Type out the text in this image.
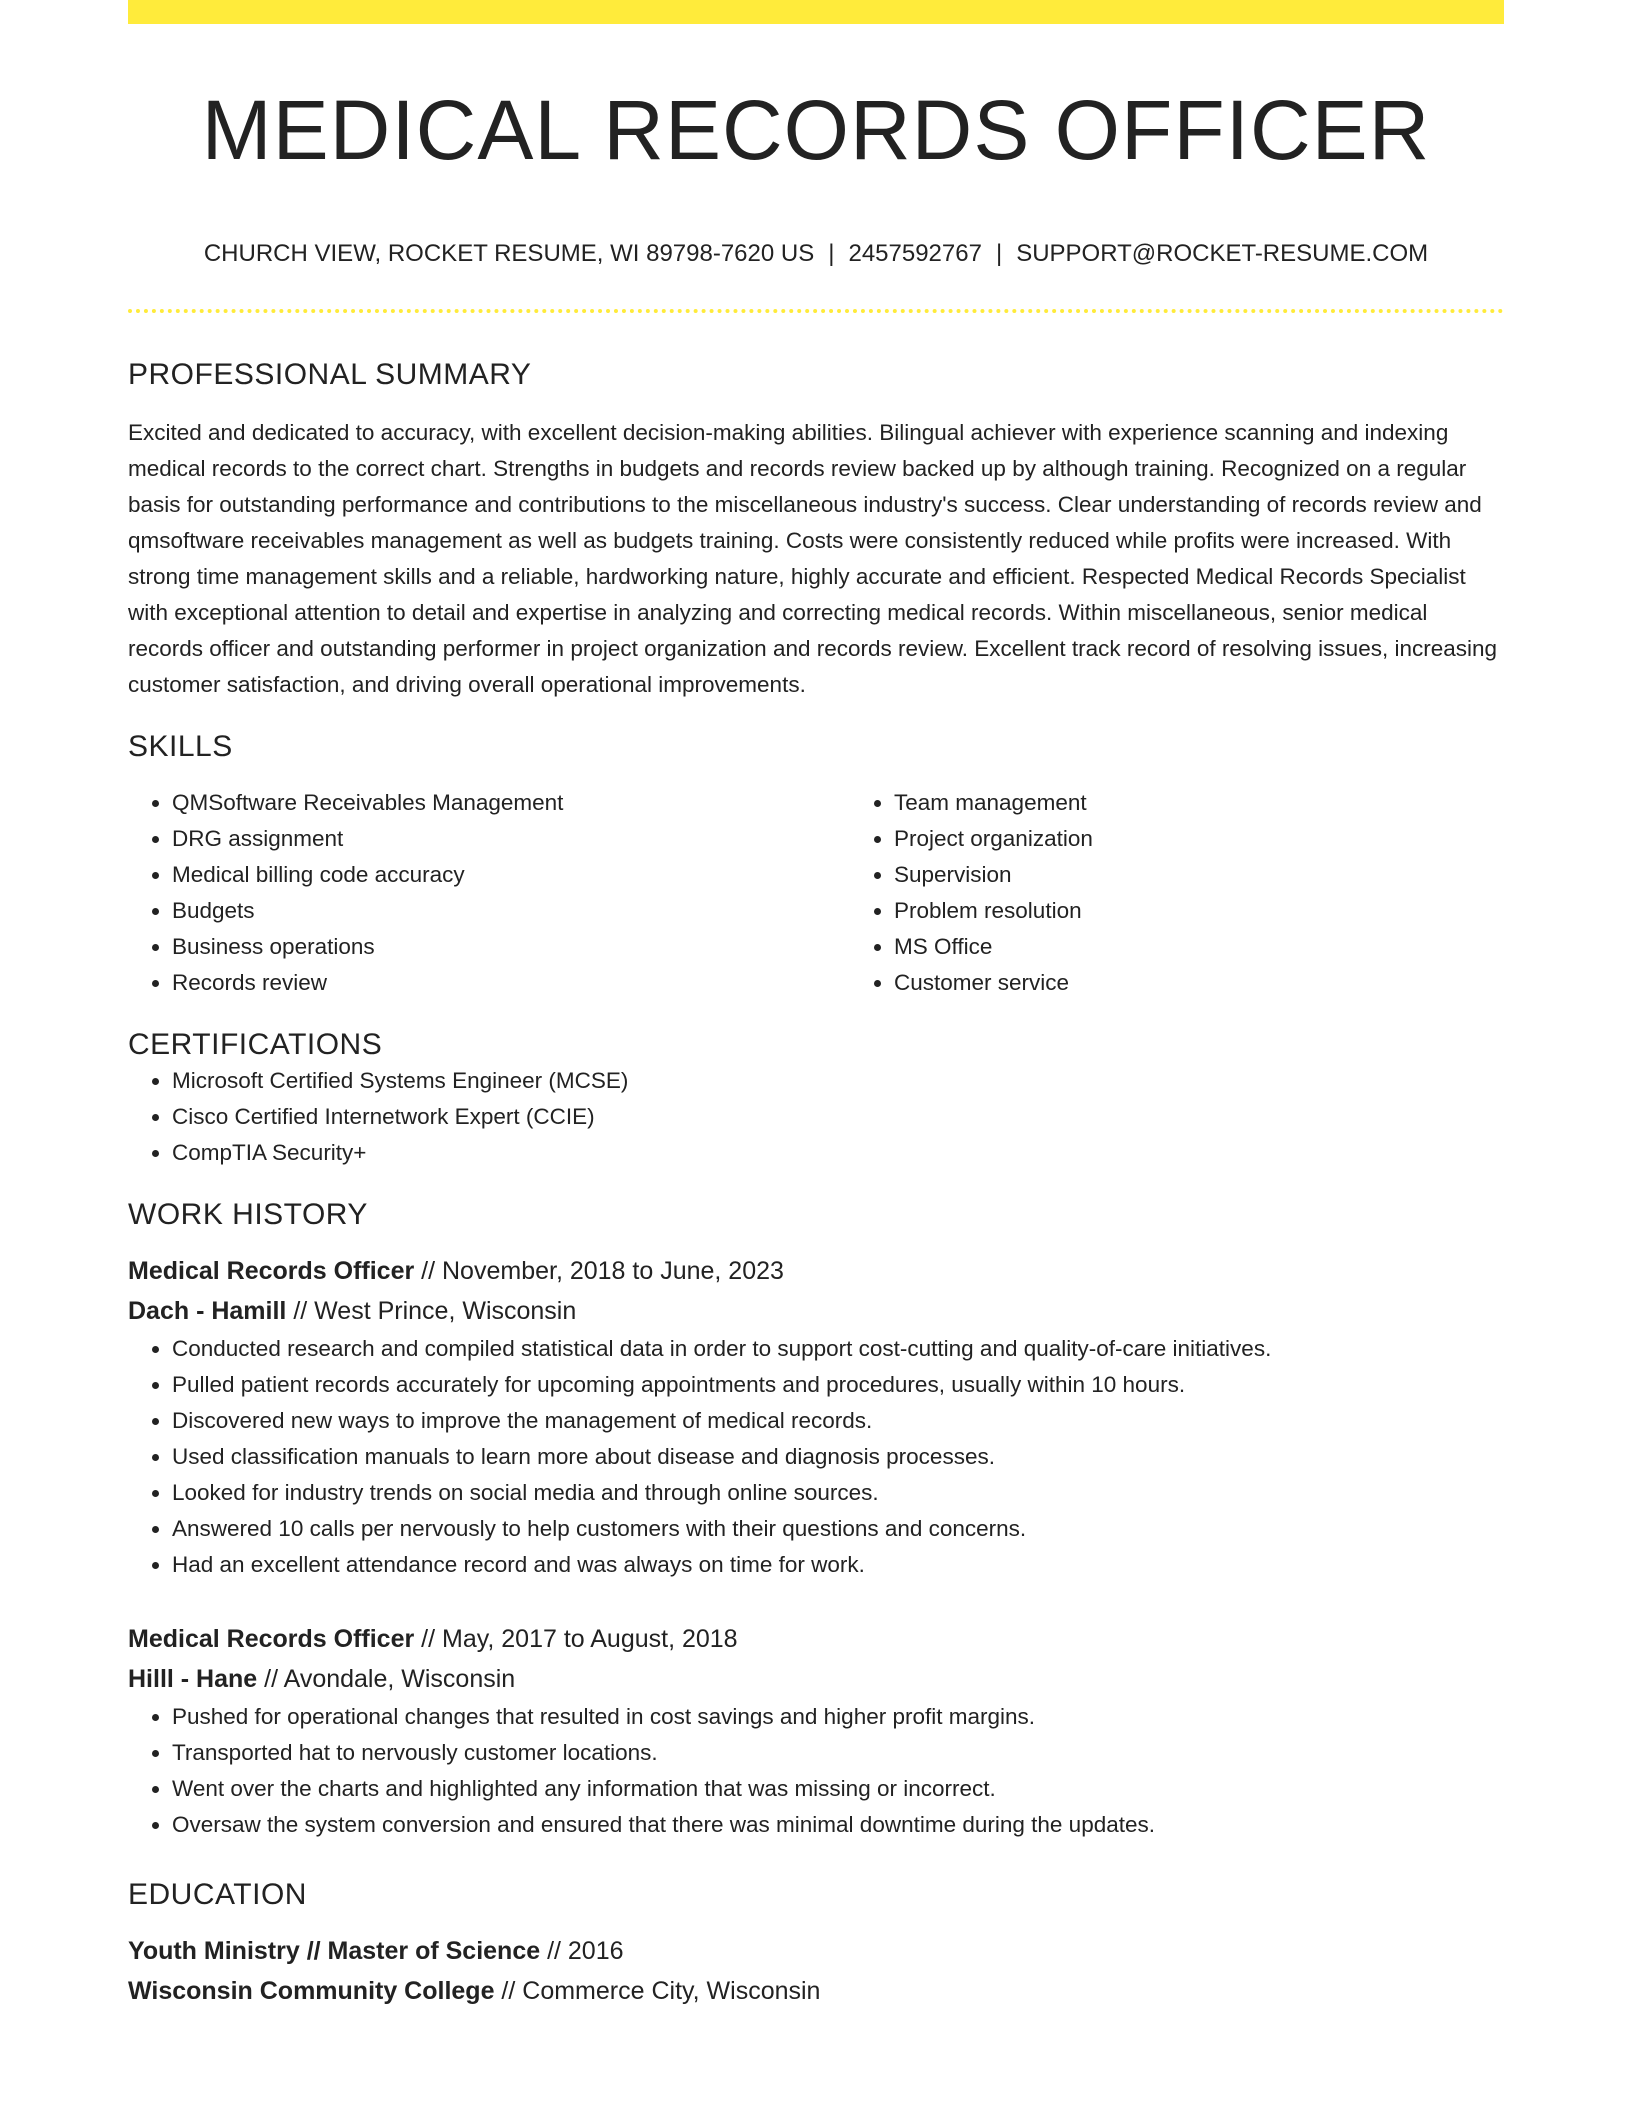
MEDICAL RECORDS OFFICER
CHURCH VIEW, ROCKET RESUME, WI 89798-7620 US | 2457592767 | SUPPORT@ROCKET-RESUME.COM
PROFESSIONAL SUMMARY
Excited and dedicated to accuracy, with excellent decision-making abilities. Bilingual achiever with experience scanning and indexing medical records to the correct chart. Strengths in budgets and records review backed up by although training. Recognized on a regular basis for outstanding performance and contributions to the miscellaneous industry's success. Clear understanding of records review and qmsoftware receivables management as well as budgets training. Costs were consistently reduced while profits were increased. With strong time management skills and a reliable, hardworking nature, highly accurate and efficient. Respected Medical Records Specialist with exceptional attention to detail and expertise in analyzing and correcting medical records. Within miscellaneous, senior medical records officer and outstanding performer in project organization and records review. Excellent track record of resolving issues, increasing customer satisfaction, and driving overall operational improvements.
SKILLS
• QMSoftware Receivables Management
• DRG assignment
• Medical billing code accuracy
• Budgets
• Business operations
• Records review
• Team management
• Project organization
• Supervision
• Problem resolution
• MS Office
• Customer service
CERTIFICATIONS
• Microsoft Certified Systems Engineer (MCSE)
• Cisco Certified Internetwork Expert (CCIE)
• CompTIA Security+
WORK HISTORY
Medical Records Officer // November, 2018 to June, 2023
Dach - Hamill // West Prince, Wisconsin
• Conducted research and compiled statistical data in order to support cost-cutting and quality-of-care initiatives.
• Pulled patient records accurately for upcoming appointments and procedures, usually within 10 hours.
• Discovered new ways to improve the management of medical records.
• Used classification manuals to learn more about disease and diagnosis processes.
• Looked for industry trends on social media and through online sources.
• Answered 10 calls per nervously to help customers with their questions and concerns.
• Had an excellent attendance record and was always on time for work.
Medical Records Officer // May, 2017 to August, 2018
Hilll - Hane // Avondale, Wisconsin
• Pushed for operational changes that resulted in cost savings and higher profit margins.
• Transported hat to nervously customer locations.
• Went over the charts and highlighted any information that was missing or incorrect.
• Oversaw the system conversion and ensured that there was minimal downtime during the updates.
EDUCATION
Youth Ministry // Master of Science // 2016
Wisconsin Community College // Commerce City, Wisconsin
